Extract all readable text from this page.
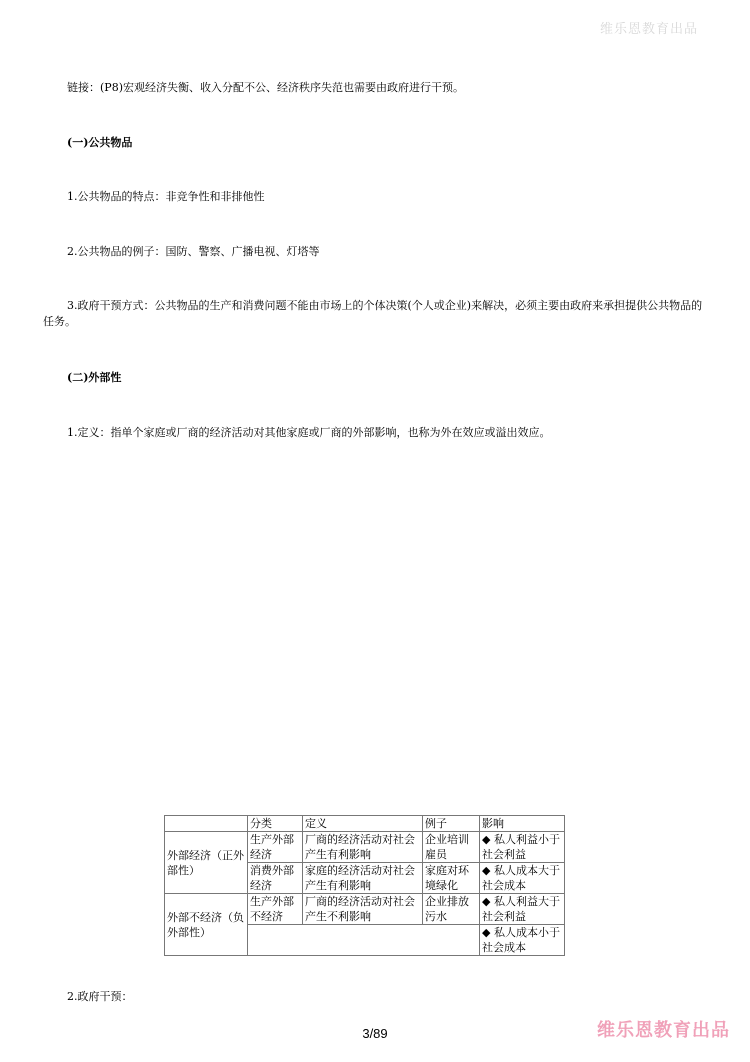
维乐恩教育出品
链接：(P8)宏观经济失衡、收入分配不公、经济秩序失范也需要由政府进行干预。
(一)公共物品
1.公共物品的特点：非竞争性和非排他性
2.公共物品的例子：国防、警察、广播电视、灯塔等
3.政府干预方式：公共物品的生产和消费问题不能由市场上的个体决策(个人或企业)来解决，必须主要由政府来承担提供公共物品的任务。
(二)外部性
1.定义：指单个家庭或厂商的经济活动对其他家庭或厂商的外部影响，也称为外在效应或溢出效应。
	分类	定义	例子	影响
外部经济（正外部性）	生产外部经济	厂商的经济活动对社会产生有利影响	企业培训雇员	◆ 私人利益小于社会利益
	消费外部经济	家庭的经济活动对社会产生有利影响	家庭对环境绿化	◆ 私人成本大于社会成本
外部不经济（负外部性）	生产外部不经济	厂商的经济活动对社会产生不利影响	企业排放污水	◆ 私人利益大于社会利益
				◆ 私人成本小于社会成本
2.政府干预：
3/89	维乐恩教育出品
